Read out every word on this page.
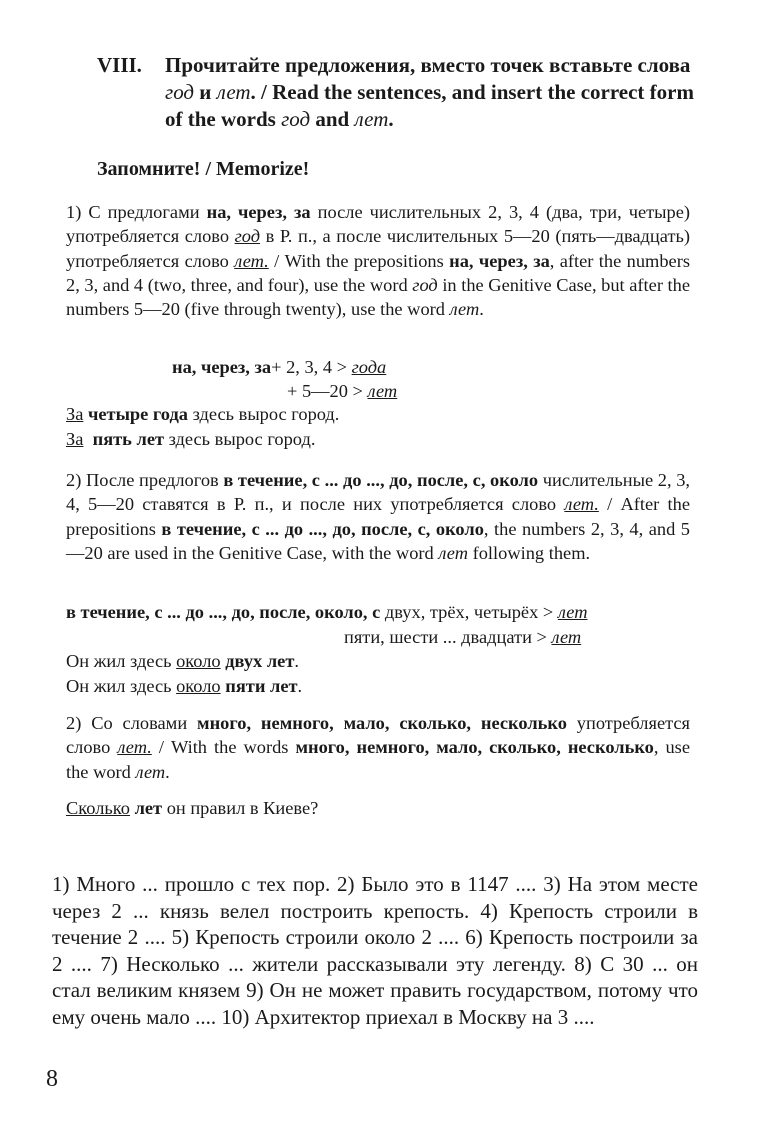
VIII. Прочитайте предложения, вместо точек вставьте слова год и лет. / Read the sentences, and insert the correct form of the words год and лет.
Запомните! / Memorize!
1) С предлогами на, через, за после числительных 2, 3, 4 (два, три, четыре) употребляется слово год в Р. п., а после числительных 5—20 (пять—двадцать) употребляется слово лет. / With the prepositions на, через, за, after the numbers 2, 3, and 4 (two, three, and four), use the word год in the Genitive Case, but after the numbers 5—20 (five through twenty), use the word лет.
на, через, за+ 2, 3, 4 > года
+ 5—20 > лет
За четыре года здесь вырос город.
За пять лет здесь вырос город.
2) После предлогов в течение, с ... до ..., до, после, с, около числительные 2, 3, 4, 5—20 ставятся в Р. п., и после них употребляется слово лет. / After the prepositions в течение, с ... до ..., до, после, с, около, the numbers 2, 3, 4, and 5—20 are used in the Genitive Case, with the word лет following them.
в течение, с ... до ..., до, после, около, с двух, трёх, четырёх > лет
пяти, шести ... двадцати > лет
Он жил здесь около двух лет.
Он жил здесь около пяти лет.
2) Со словами много, немного, мало, сколько, несколько употребляется слово лет. / With the words много, немного, мало, сколько, несколько, use the word лет.
Сколько лет он правил в Киеве?
1) Много ... прошло с тех пор. 2) Было это в 1147 .... 3) На этом месте через 2 ... князь велел построить крепость. 4) Крепость строили в течение 2 .... 5) Крепость строили около 2 .... 6) Крепость построили за 2 .... 7) Несколько ... жители рассказывали эту легенду. 8) С 30 ... он стал великим князем 9) Он не может править государством, потому что ему очень мало .... 10) Архитектор приехал в Москву на 3 ....
8
